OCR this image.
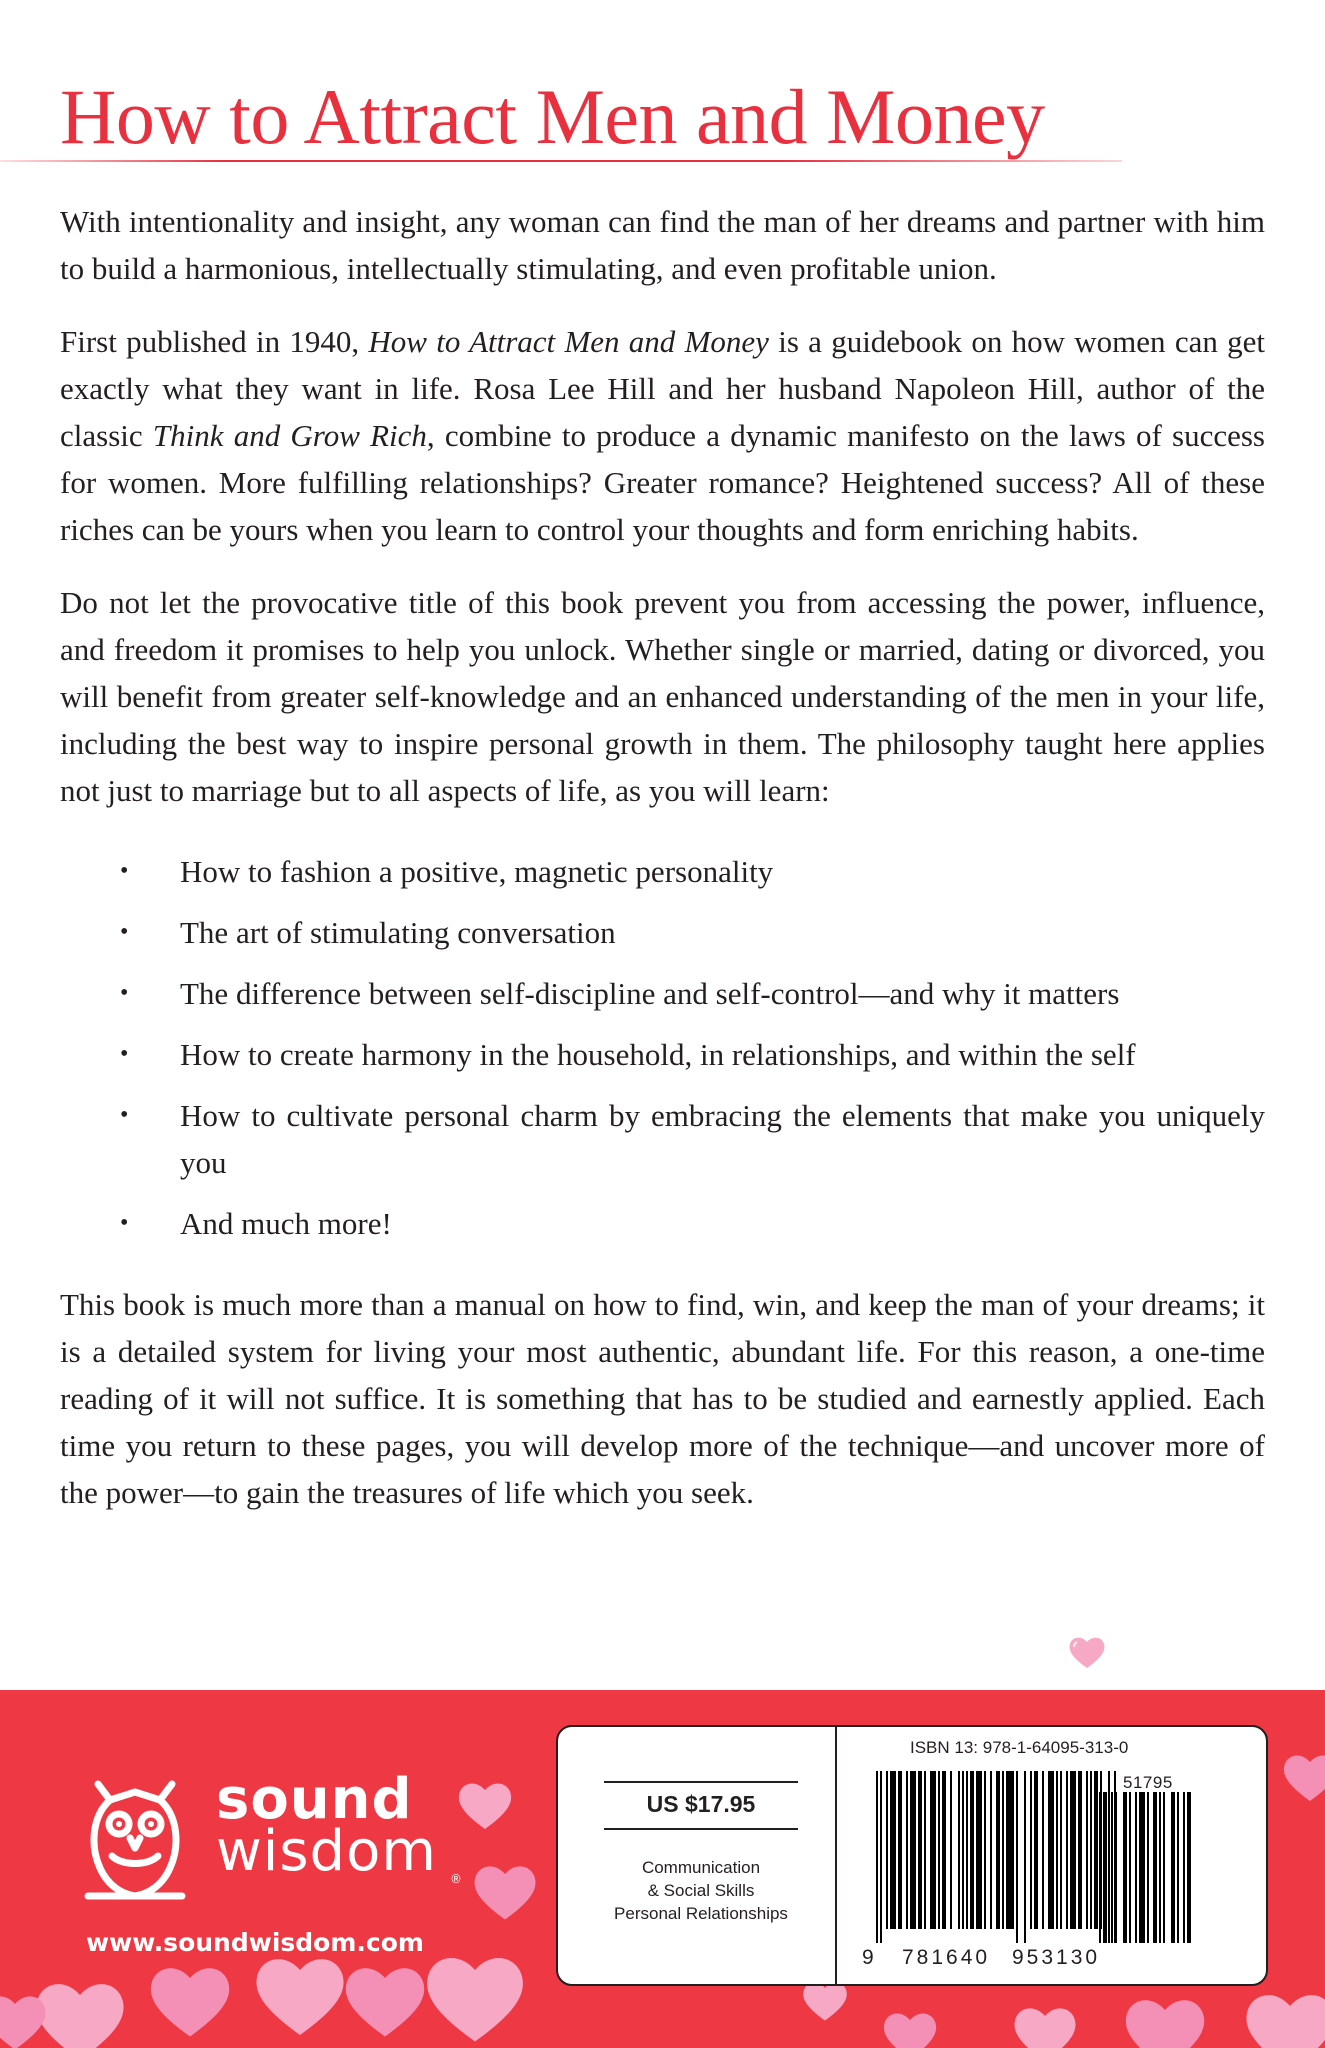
How to Attract Men and Money

With intentionality and insight, any woman can find the man of her dreams and partner with him to build a harmonious, intellectually stimulating, and even profitable union.

First published in 1940, How to Attract Men and Money is a guidebook on how women can get exactly what they want in life. Rosa Lee Hill and her husband Napoleon Hill, author of the classic Think and Grow Rich, combine to produce a dynamic manifesto on the laws of success for women. More fulfilling relationships? Greater romance? Heightened success? All of these riches can be yours when you learn to control your thoughts and form enriching habits.

Do not let the provocative title of this book prevent you from accessing the power, influence, and freedom it promises to help you unlock. Whether single or married, dating or divorced, you will benefit from greater self-knowledge and an enhanced understanding of the men in your life, including the best way to inspire personal growth in them. The philosophy taught here applies not just to marriage but to all aspects of life, as you will learn:

• How to fashion a positive, magnetic personality
• The art of stimulating conversation
• The difference between self-discipline and self-control—and why it matters
• How to create harmony in the household, in relationships, and within the self
• How to cultivate personal charm by embracing the elements that make you uniquely you
• And much more!

This book is much more than a manual on how to find, win, and keep the man of your dreams; it is a detailed system for living your most authentic, abundant life. For this reason, a one-time reading of it will not suffice. It is something that has to be studied and earnestly applied. Each time you return to these pages, you will develop more of the technique—and uncover more of the power—to gain the treasures of life which you seek.

sound
wisdom ®
www.soundwisdom.com
US $17.95
Communication
& Social Skills
Personal Relationships
ISBN 13: 978-1-64095-313-0
51795
9 781640 953130
